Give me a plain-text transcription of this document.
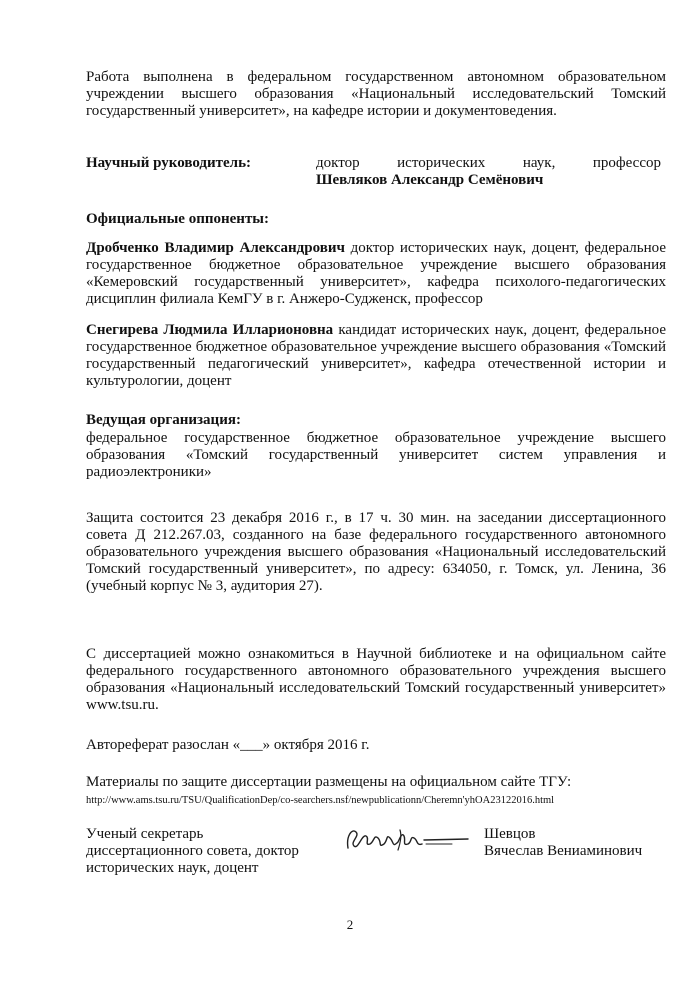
Работа выполнена в федеральном государственном автономном образовательном учреждении высшего образования «Национальный исследовательский Томский государственный университет», на кафедре истории и документоведения.
Научный руководитель:	доктор исторических наук, профессор
Шевляков Александр Семёнович
Официальные оппоненты:
Дробченко Владимир Александрович доктор исторических наук, доцент, федеральное государственное бюджетное образовательное учреждение высшего образования «Кемеровский государственный университет», кафедра психолого-педагогических дисциплин филиала КемГУ в г. Анжеро-Судженск, профессор
Снегирева Людмила Илларионовна кандидат исторических наук, доцент, федеральное государственное бюджетное образовательное учреждение высшего образования «Томский государственный педагогический университет», кафедра отечественной истории и культурологии, доцент
Ведущая организация:
федеральное государственное бюджетное образовательное учреждение высшего образования «Томский государственный университет систем управления и радиоэлектроники»
Защита состоится 23 декабря 2016 г., в 17 ч. 30 мин. на заседании диссертационного совета Д 212.267.03, созданного на базе федерального государственного автономного образовательного учреждения высшего образования «Национальный исследовательский Томский государственный университет», по адресу: 634050, г. Томск, ул. Ленина, 36 (учебный корпус № 3, аудитория 27).
С диссертацией можно ознакомиться в Научной библиотеке и на официальном сайте федерального государственного автономного образовательного учреждения высшего образования «Национальный исследовательский Томский государственный университет» www.tsu.ru.
Автореферат разослан «___» октября 2016 г.
Материалы по защите диссертации размещены на официальном сайте ТГУ:
http://www.ams.tsu.ru/TSU/QualificationDep/co-searchers.nsf/newpublicationn/Cheremn'yhOA23122016.html
Ученый секретарь
диссертационного совета, доктор
исторических наук, доцент
Шевцов
Вячеслав Вениаминович
2
